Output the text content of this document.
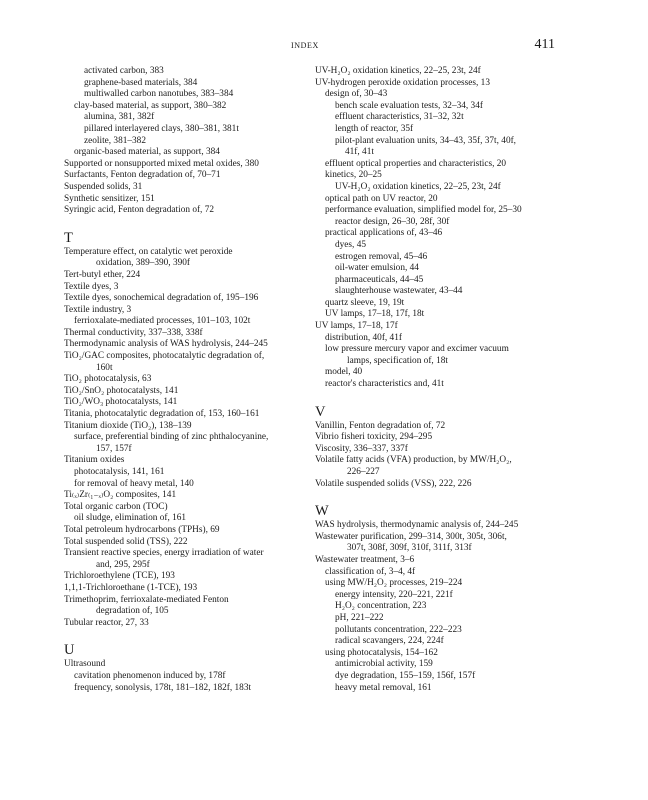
INDEX	411
activated carbon, 383
graphene-based materials, 384
multiwalled carbon nanotubes, 383–384
clay-based material, as support, 380–382
alumina, 381, 382f
pillared interlayered clays, 380–381, 381t
zeolite, 381–382
organic-based material, as support, 384
Supported or nonsupported mixed metal oxides, 380
Surfactants, Fenton degradation of, 70–71
Suspended solids, 31
Synthetic sensitizer, 151
Syringic acid, Fenton degradation of, 72
T
Temperature effect, on catalytic wet peroxide
oxidation, 389–390, 390f
Tert-butyl ether, 224
Textile dyes, 3
Textile dyes, sonochemical degradation of, 195–196
Textile industry, 3
ferrioxalate-mediated processes, 101–103, 102t
Thermal conductivity, 337–338, 338f
Thermodynamic analysis of WAS hydrolysis, 244–245
TiO₂/GAC composites, photocatalytic degradation of,
160t
TiO₂ photocatalysis, 63
TiO₂/SnO₂ photocatalysts, 141
TiO₂/WO₃ photocatalysts, 141
Titania, photocatalytic degradation of, 153, 160–161
Titanium dioxide (TiO₂), 138–139
surface, preferential binding of zinc phthalocyanine,
157, 157f
Titanium oxides
photocatalysis, 141, 161
for removal of heavy metal, 140
Ti₍ₓ₎Zr₍₁₋ₓ₎O₂ composites, 141
Total organic carbon (TOC)
oil sludge, elimination of, 161
Total petroleum hydrocarbons (TPHs), 69
Total suspended solid (TSS), 222
Transient reactive species, energy irradiation of water
and, 295, 295f
Trichloroethylene (TCE), 193
1,1,1-Trichloroethane (1-TCE), 193
Trimethoprim, ferrioxalate-mediated Fenton
degradation of, 105
Tubular reactor, 27, 33
U
Ultrasound
cavitation phenomenon induced by, 178f
frequency, sonolysis, 178t, 181–182, 182f, 183t
UV-H₂O₂ oxidation kinetics, 22–25, 23t, 24f
UV-hydrogen peroxide oxidation processes, 13
design of, 30–43
bench scale evaluation tests, 32–34, 34f
effluent characteristics, 31–32, 32t
length of reactor, 35f
pilot-plant evaluation units, 34–43, 35f, 37t, 40f,
41f, 41t
effluent optical properties and characteristics, 20
kinetics, 20–25
UV-H₂O₂ oxidation kinetics, 22–25, 23t, 24f
optical path on UV reactor, 20
performance evaluation, simplified model for, 25–30
reactor design, 26–30, 28f, 30f
practical applications of, 43–46
dyes, 45
estrogen removal, 45–46
oil-water emulsion, 44
pharmaceuticals, 44–45
slaughterhouse wastewater, 43–44
quartz sleeve, 19, 19t
UV lamps, 17–18, 17f, 18t
UV lamps, 17–18, 17f
distribution, 40f, 41f
low pressure mercury vapor and excimer vacuum
lamps, specification of, 18t
model, 40
reactor's characteristics and, 41t
V
Vanillin, Fenton degradation of, 72
Vibrio fisheri toxicity, 294–295
Viscosity, 336–337, 337f
Volatile fatty acids (VFA) production, by MW/H₂O₂,
226–227
Volatile suspended solids (VSS), 222, 226
W
WAS hydrolysis, thermodynamic analysis of, 244–245
Wastewater purification, 299–314, 300t, 305t, 306t,
307t, 308f, 309f, 310f, 311f, 313f
Wastewater treatment, 3–6
classification of, 3–4, 4f
using MW/H₂O₂ processes, 219–224
energy intensity, 220–221, 221f
H₂O₂ concentration, 223
pH, 221–222
pollutants concentration, 222–223
radical scavangers, 224, 224f
using photocatalysis, 154–162
antimicrobial activity, 159
dye degradation, 155–159, 156f, 157f
heavy metal removal, 161
